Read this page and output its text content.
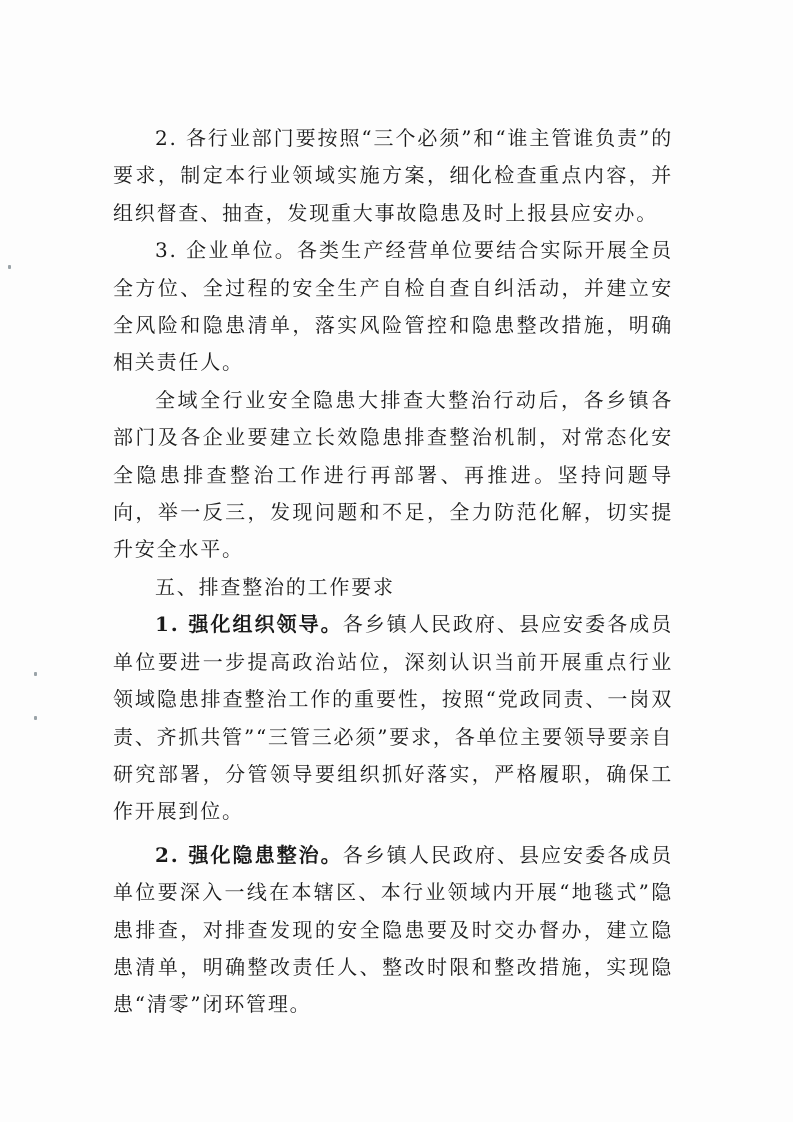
2. 各行业部门要按照“三个必须”和“谁主管谁负责”的要求，制定本行业领域实施方案，细化检查重点内容，并组织督查、抽查，发现重大事故隐患及时上报县应安办。

3. 企业单位。各类生产经营单位要结合实际开展全员全方位、全过程的安全生产自检自查自纠活动，并建立安全风险和隐患清单，落实风险管控和隐患整改措施，明确相关责任人。

全域全行业安全隐患大排查大整治行动后，各乡镇各部门及各企业要建立长效隐患排查整治机制，对常态化安全隐患排查整治工作进行再部署、再推进。坚持问题导向，举一反三，发现问题和不足，全力防范化解，切实提升安全水平。

五、排查整治的工作要求

1. 强化组织领导。各乡镇人民政府、县应安委各成员单位要进一步提高政治站位，深刻认识当前开展重点行业领域隐患排查整治工作的重要性，按照“党政同责、一岗双责、齐抓共管”“三管三必须”要求，各单位主要领导要亲自研究部署，分管领导要组织抓好落实，严格履职，确保工作开展到位。

2. 强化隐患整治。各乡镇人民政府、县应安委各成员单位要深入一线在本辖区、本行业领域内开展“地毯式”隐患排查，对排查发现的安全隐患要及时交办督办，建立隐患清单，明确整改责任人、整改时限和整改措施，实现隐患“清零”闭环管理。
